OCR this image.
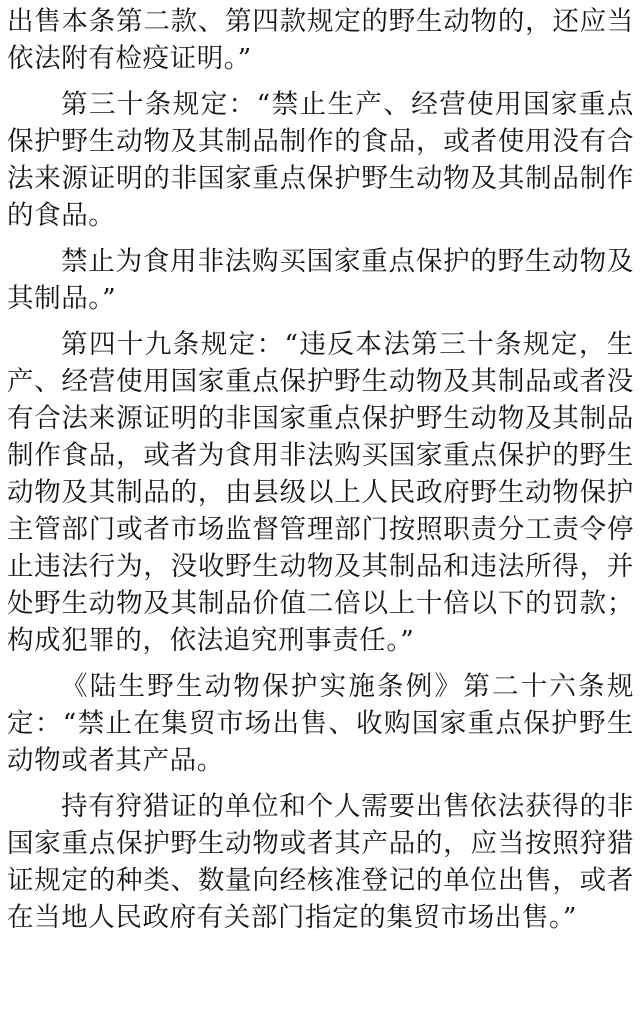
出售本条第二款、第四款规定的野生动物的，还应当依法附有检疫证明。”

第三十条规定：“禁止生产、经营使用国家重点保护野生动物及其制品制作的食品，或者使用没有合法来源证明的非国家重点保护野生动物及其制品制作的食品。

禁止为食用非法购买国家重点保护的野生动物及其制品。”

第四十九条规定：“违反本法第三十条规定，生产、经营使用国家重点保护野生动物及其制品或者没有合法来源证明的非国家重点保护野生动物及其制品制作食品，或者为食用非法购买国家重点保护的野生动物及其制品的，由县级以上人民政府野生动物保护主管部门或者市场监督管理部门按照职责分工责令停止违法行为，没收野生动物及其制品和违法所得，并处野生动物及其制品价值二倍以上十倍以下的罚款；构成犯罪的，依法追究刑事责任。”

《陆生野生动物保护实施条例》第二十六条规定：“禁止在集贸市场出售、收购国家重点保护野生动物或者其产品。

持有狩猎证的单位和个人需要出售依法获得的非国家重点保护野生动物或者其产品的，应当按照狩猎证规定的种类、数量向经核准登记的单位出售，或者在当地人民政府有关部门指定的集贸市场出售。”
